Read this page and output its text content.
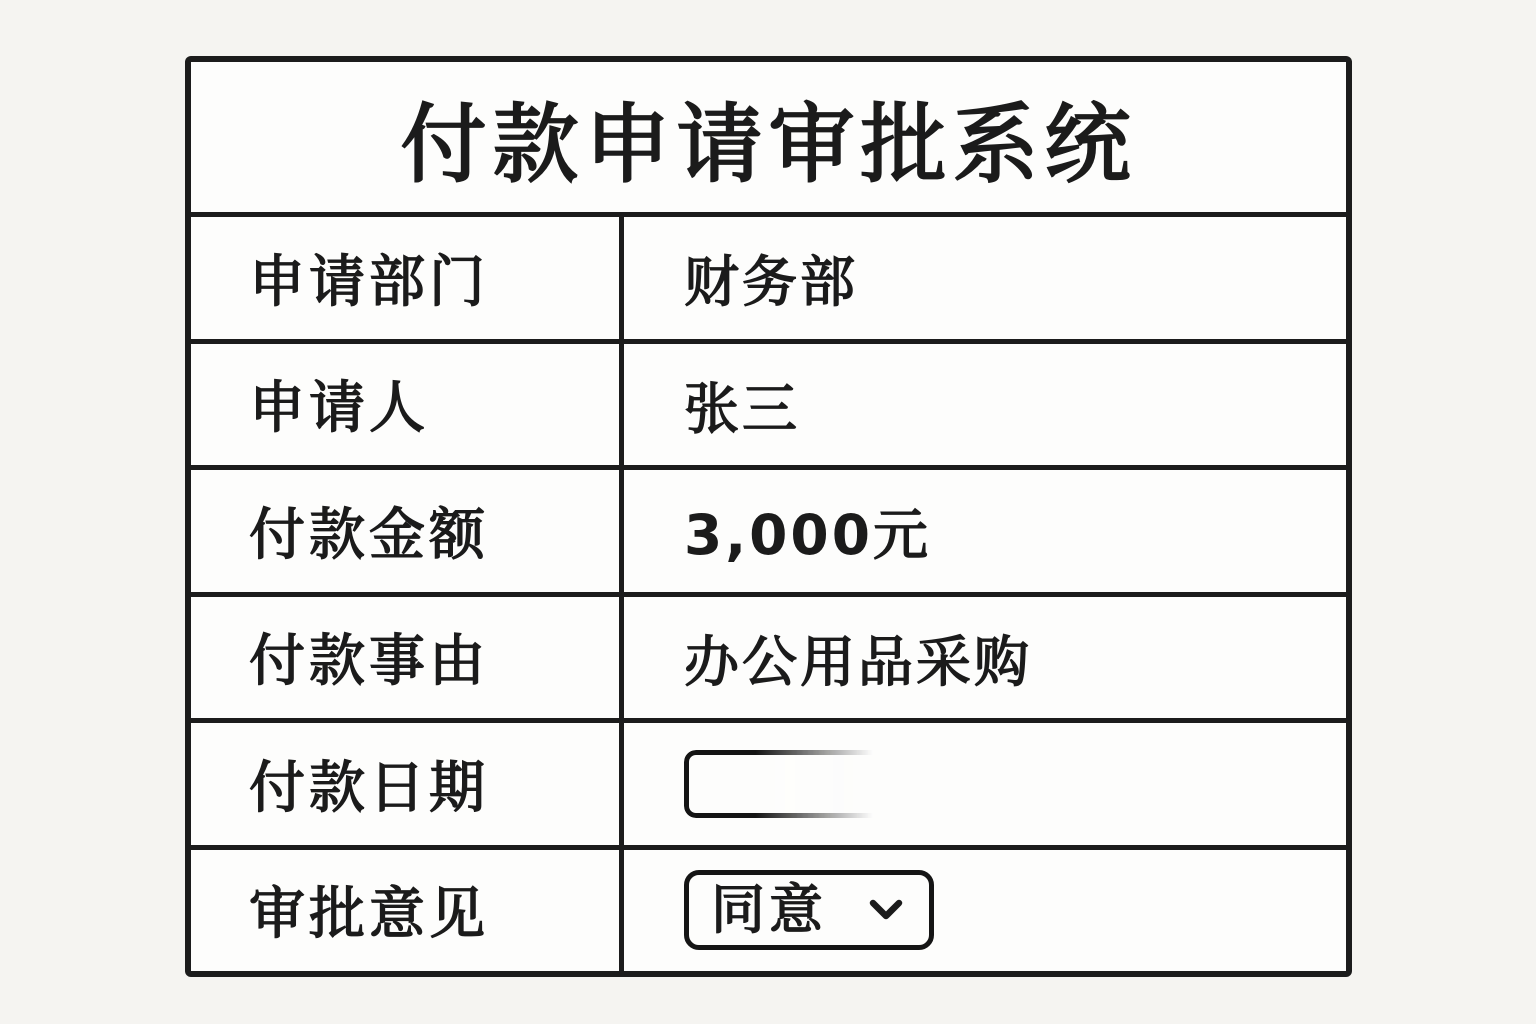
付款申请审批系统
申请部门	财务部
申请人	张三
付款金额	3,000元
付款事由	办公用品采购
付款日期
审批意见	同意
